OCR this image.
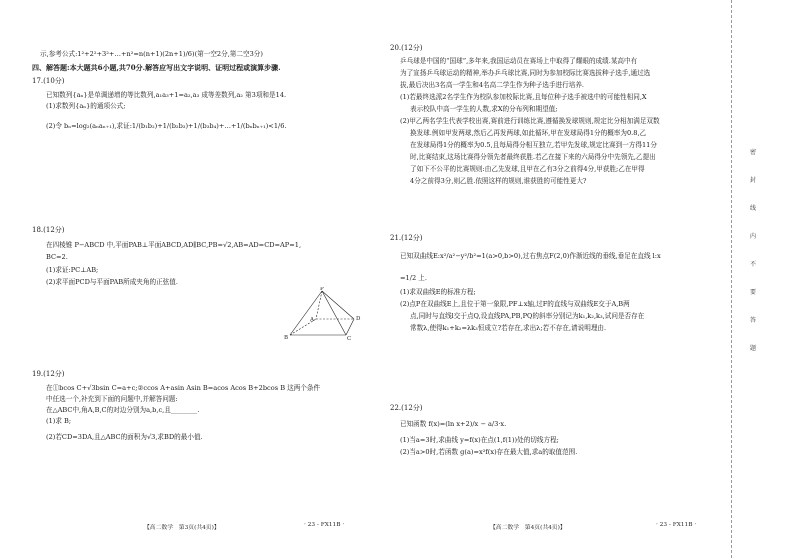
示,参考公式:1²+2²+3²+…+n²=n(n+1)(2n+1)/6)(第一空2分,第二空3分)
四、解答题:本大题共6小题,共70分.解答应写出文字说明、证明过程或演算步骤.
17.(10分)
已知数列{aₙ}是单调递增的等比数列,a₁a₃+1=a₂,a₃ 成等差数列,a₂ 第3项和是14.
(1)求数列{aₙ}的通项公式;
(2)令 bₙ=log₂(aₙaₙ₊₁),求证:1/(b₁b₂)+1/(b₂b₃)+1/(b₃b₄)+…+1/(bₙbₙ₊₁)<1/6.
18.(12分)
在四棱锥 P−ABCD 中,平面PAB⊥平面ABCD,AD∥BC,PB=√2,AB=AD=CD=AP=1,
BC=2.
(1)求证:PC⊥AB;
(2)求平面PCD与平面PAB所成夹角的正弦值.
19.(12分)
在①bcos C+√3bsin C=a+c;②ccos A+asin Asin B=acos Acos B+2bcos B 这两个条件
中任选一个,补充到下面的问题中,并解答问题:
在△ABC中,角A,B,C的对边分别为a,b,c,且________.
(1)求 B;
(2)若CD=3DA,且△ABC的面积为√3,求BD的最小值.
P
B	C
D
A
【高二数学　第3页(共4页)】	· 23 - FX11B ·
20.(12分)
乒乓球是中国的“国球”,多年来,我国运动员在赛场上中取得了耀眼的成绩.某高中有
为了宣扬乒乓球运动的精神,举办乒乓球比赛,同时为参加校际比赛选拔种子选手,通过选
拔,最后决出3名高一学生和4名高二学生作为种子选手进行培养.
(1)若最终选派2名学生作为校队参加校际比赛,且每位种子选手被选中的可能性相同,X
表示校队中高一学生的人数,求X的分布列和期望值;
(2)甲乙两名学生代表学校出赛,赛前进行训练比赛,遵循换发球规则,规定比分相加满足双数
换发球.例如甲发两球,然后乙再发两球,如此循环,甲在发球局得1分的概率为0.8,乙
在发球局得1分的概率为0.5,且每局得分相互独立,若甲先发球,规定比赛到一方得11分
时,比赛结束,这场比赛得分领先者最终获胜.若乙在接下来的六局得分中先领先,乙提出
了如下不公平的比赛规则:由乙先发球,且甲在乙有3分之前得4分,甲获胜;乙在甲得
4分之前得3分,则乙胜.依照这样的规则,谁获胜的可能性更大?
21.(12分)
已知双曲线E:x²/a²−y²/b²=1(a>0,b>0),过右焦点F(2,0)作渐近线的垂线,垂足在直线 l:x
=1/2 上.
(1)求双曲线E的标准方程;
(2)点P在双曲线E上,且位于第一象限,PF⊥x轴,过F的直线与双曲线E交于A,B两
点,同时与直线l交于点Q,设直线PA,PB,PQ的斜率分别记为k₁,k₂,k₃,试问是否存在
常数λ,使得k₁+k₂=λk₃恒成立?若存在,求出λ;若不存在,请说明理由.
22.(12分)
已知函数 f(x)=(ln x+2)/x − a/3·x.
(1)当a=3时,求曲线 y=f(x)在点(1,f(1))处的切线方程;
(2)当a>0时,若函数 g(a)=x²f(x)存在最大值,求a的取值范围.
【高二数学　第4页(共4页)】	· 23 - FX11B ·
密
封
线
内
不
要
答
题
